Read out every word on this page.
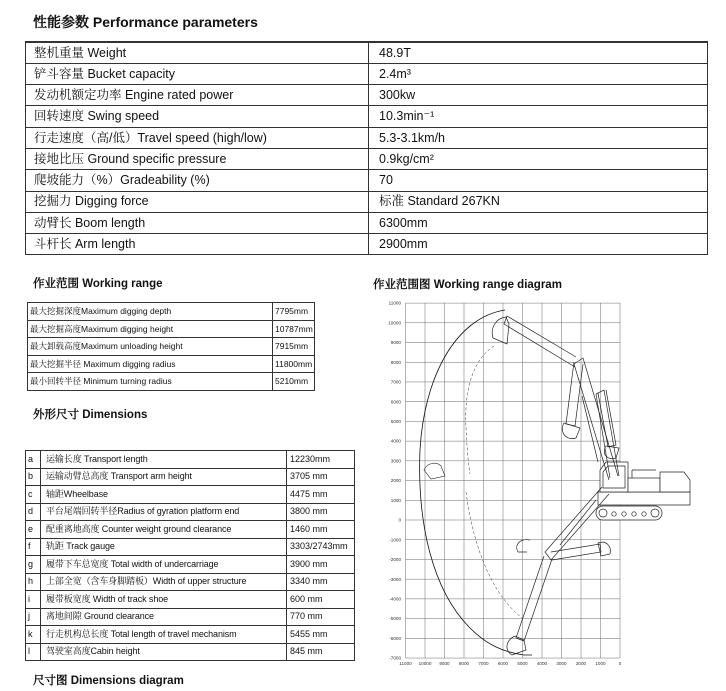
性能参数 Performance parameters
整机重量 Weight	48.9T
铲斗容量 Bucket capacity	2.4m³
发动机额定功率 Engine rated power	300kw
回转速度 Swing speed	10.3min⁻¹
行走速度（高/低）Travel speed (high/low)	5.3-3.1km/h
接地比压 Ground specific pressure	0.9kg/cm²
爬坡能力（%）Gradeability (%)	70
挖掘力 Digging force	标准 Standard 267KN
动臂长 Boom length	6300mm
斗杆长 Arm length	2900mm
作业范围 Working range
最大挖掘深度Maximum digging depth	7795mm
最大挖掘高度Maximum digging height	10787mm
最大卸载高度Maximum unloading height	7915mm
最大挖掘半径 Maximum digging radius	11800mm
最小回转半径 Minimum turning radius	5210mm
外形尺寸 Dimensions
a	运输长度 Transport length	12230mm
b	运输动臂总高度 Transport arm height	3705 mm
c	轴距Wheelbase	4475 mm
d	平台尾端回转半径Radius of gyration platform end	3800 mm
e	配重离地高度 Counter weight ground clearance	1460 mm
f	轨距 Track gauge	3303/2743mm
g	履带下车总宽度 Total width of undercarriage	3900 mm
h	上部全宽（含车身脚踏板）Width of upper structure	3340 mm
i	履带板宽度 Width of track shoe	600 mm
j	离地间隙 Ground clearance	770 mm
k	行走机构总长度 Total length of travel mechanism	5455 mm
l	驾驶室高度Cabin height	845 mm
尺寸图 Dimensions diagram
作业范围图 Working range diagram
11000
10000
9000
8000
7000
6000
5000
4000
3000
2000
1000
0
-1000
-2000
-3000
-4000
-5000
-6000
-7000
11000 10000 9000 8000 7000 6000 5000 4000 3000 2000 1000	0
